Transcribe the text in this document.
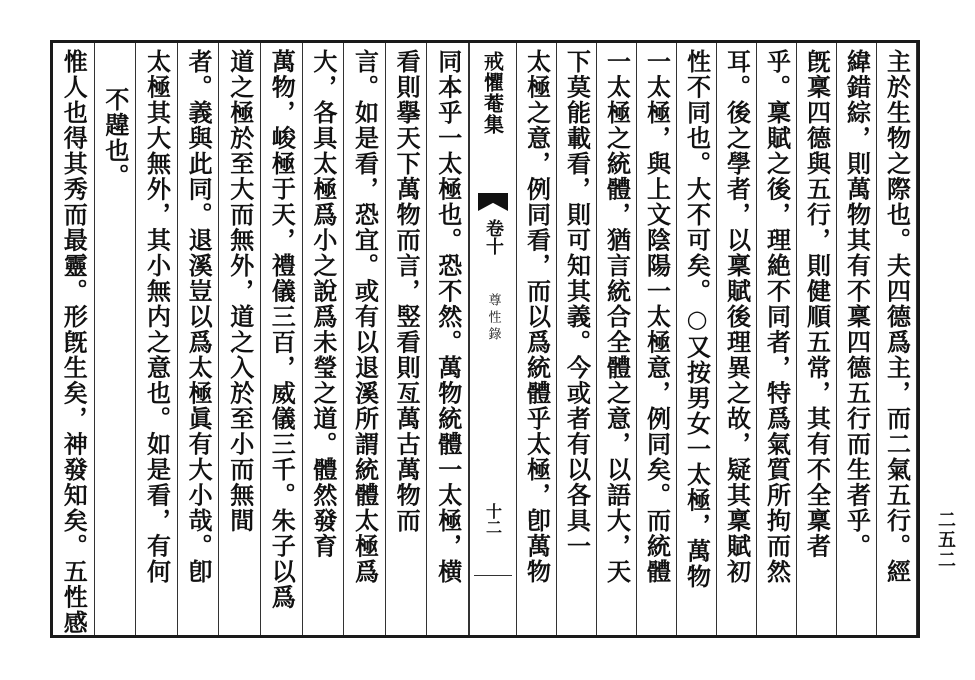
戒懼菴集
卷十
尊性錄
十二	主於生物之際也。夫四德爲主，而二氣五行。經
緯錯綜，則萬物其有不稟四德五行而生者乎。
旣稟四德與五行，則健順五常，其有不全稟者
乎。稟賦之後，理絶不同者，特爲氣質所拘而然
耳。後之學者，以稟賦後理異之故，疑其稟賦初
性不同也。大不可矣。○又按男女一太極，萬物
一太極，與上文陰陽一太極意，例同矣。而統體
一太極之統體，猶言統合全體之意，以語大，天
下莫能載看，則可知其義。今或者有以各具一
太極之意，例同看，而以爲統體乎太極，卽萬物
同本乎一太極也。恐不然。萬物統體一太極，横
看則擧天下萬物而言，竪看則亙萬古萬物而
言。如是看，恐宜。或有以退溪所謂統體太極爲
大，各具太極爲小之說爲未瑩之道。體然發育
萬物，峻極于天，禮儀三百，威儀三千。朱子以爲
道之極於至大而無外，道之入於至小而無間
者。義與此同。退溪豈以爲太極眞有大小哉。卽
太極其大無外，其小無内之意也。如是看，有何
不韙也。
惟人也得其秀而最靈。形旣生矣，神發知矣。五性感	二五二
